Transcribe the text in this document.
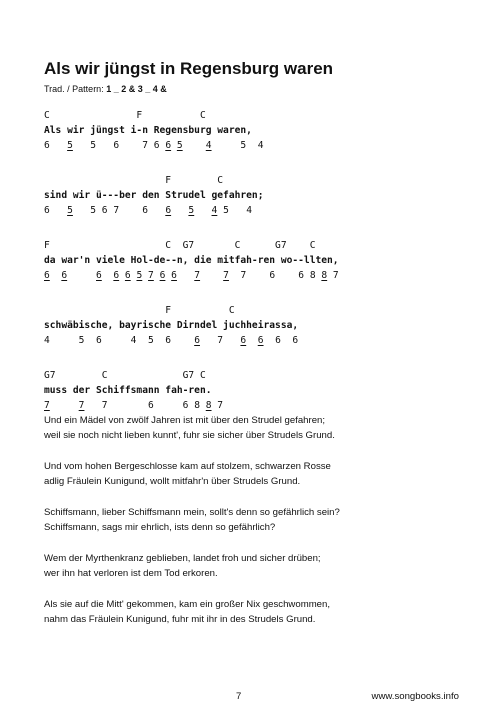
Als wir jüngst in Regensburg waren
Trad. / Pattern: 1 _ 2 & 3 _ 4 &
C               F          C
Als wir jüngst i-n Regensburg waren,
6   5   5   6    7 6 6 5 4     5  4
F        C
sind wir ü---ber den Strudel gefahren;
6   5   5 6 7    6   6 5 4 5   4
F                    C  G7       C      G7    C
da war'n viele Hol-de--n, die mitfah-ren wo--llten,
6 6	6 6 6 5 7 6 6 7 7  7    6    6 8 8 7
F          C
schwäbische, bayrische Dirndel juchheirassa,
4     5  6     4  5  6    6   7   6 6  6  6
G7        C             G7 C
muss der Schiffsmann fah-ren.
7	7   7       6     6 8 8 7
Und ein Mädel von zwölf Jahren ist mit über den Strudel gefahren;
weil sie noch nicht lieben kunnt', fuhr sie sicher über Strudels Grund.
Und vom hohen Bergeschlosse kam auf stolzem, schwarzen Rosse
adlig Fräulein Kunigund, wollt mitfahr'n über Strudels Grund.
Schiffsmann, lieber Schiffsmann mein, sollt's denn so gefährlich sein?
Schiffsmann, sags mir ehrlich, ists denn so gefährlich?
Wem der Myrthenkranz geblieben, landet froh und sicher drüben;
wer ihn hat verloren ist dem Tod erkoren.
Als sie auf die Mitt' gekommen, kam ein großer Nix geschwommen,
nahm das Fräulein Kunigund, fuhr mit ihr in des Strudels Grund.
7	www.songbooks.info
